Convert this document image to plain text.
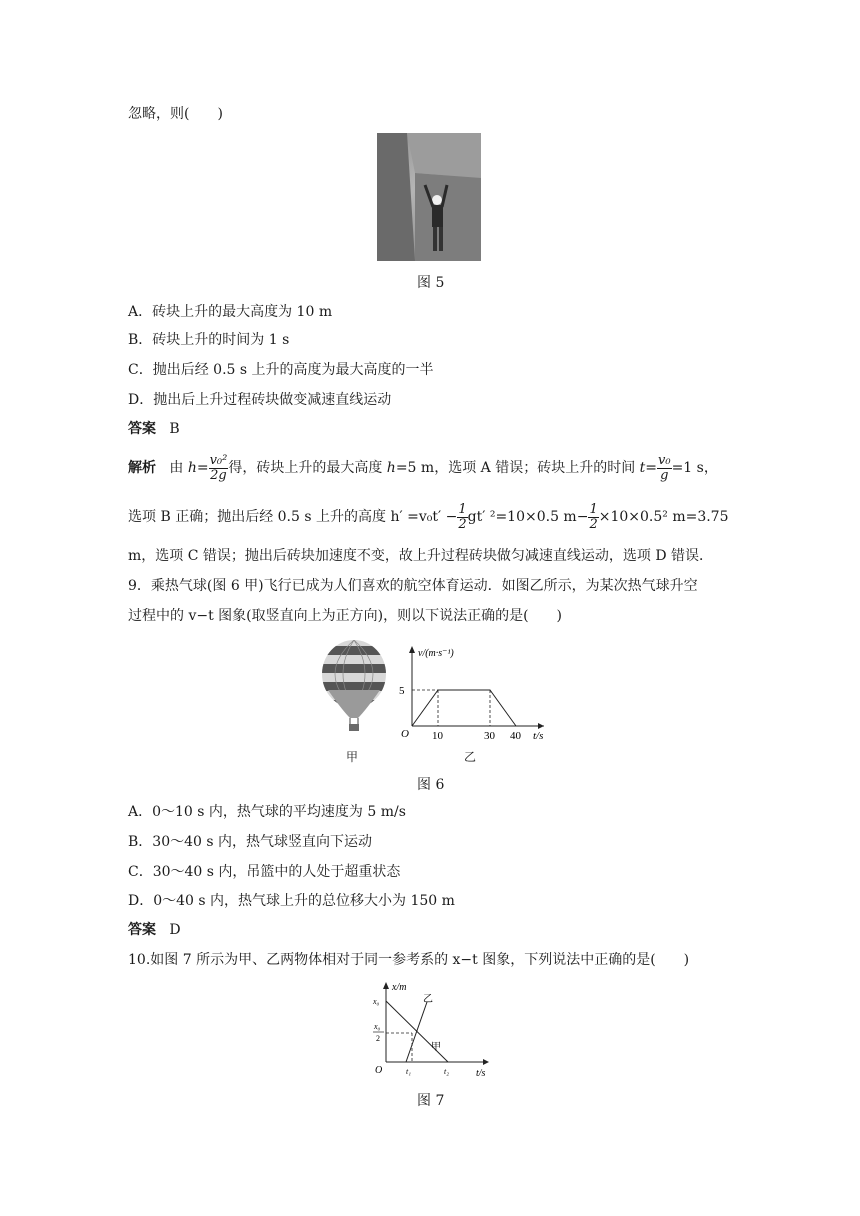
忽略，则(　　)
图 5
A．砖块上升的最大高度为 10 m
B．砖块上升的时间为 1 s
C．抛出后经 0.5 s 上升的高度为最大高度的一半
D．抛出后上升过程砖块做变减速直线运动
答案 B
解析 由 $h= \frac{\text{v₀²}}{2g}$ 得，砖块上升的最大高度 h=5 m，选项 A 错误；砖块上升的时间 $t= \frac{\text{v₀}}{g} =1$ s，
选项 B 正确；抛出后经 0.5 s 上升的高度 $h' =v_0t' - \frac{1}{2} gt'$ ²=10×0.5 $m- \frac{1}{2} \times 10\times 0.5^2$ m=3.75
m，选项 C 错误；抛出后砖块加速度不变，故上升过程砖块做匀减速直线运动，选项 D 错误．
9．乘热气球(图 6 甲)飞行已成为人们喜欢的航空体育运动．如图乙所示，为某次热气球升空
过程中的 v−t 图象(取竖直向上为正方向)，则以下说法正确的是(　　)
甲
v/(m·s⁻¹)
t/s
O 10	30 40
5
乙
图 6
A．0～10 s 内，热气球的平均速度为 5 m/s
B．30～40 s 内，热气球竖直向下运动
C．30～40 s 内，吊篮中的人处于超重状态
D．0～40 s 内，热气球上升的总位移大小为 150 m
答案 D
10.如图 7 所示为甲、乙两物体相对于同一参考系的 x−t 图象，下列说法中正确的是(　　)
x/m
t/s
O
x₀
x₀
2
乙
甲
t₁	t₂
图 7
